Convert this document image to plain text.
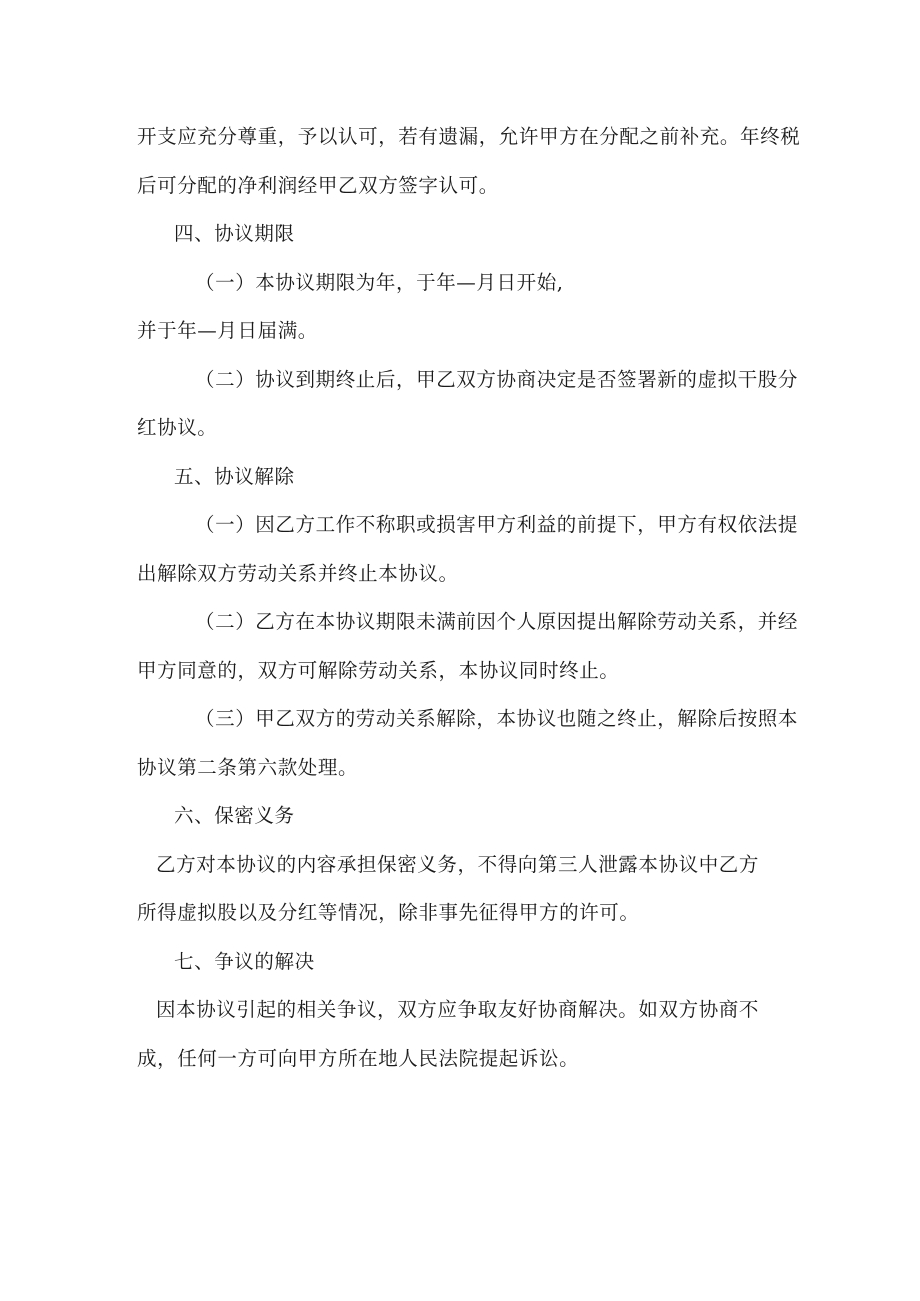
开支应充分尊重，予以认可，若有遗漏，允许甲方在分配之前补充。年终税
后可分配的净利润经甲乙双方签字认可。
四、协议期限
（一）本协议期限为年，于年—月日开始,
并于年—月日届满。
（二）协议到期终止后，甲乙双方协商决定是否签署新的虚拟干股分
红协议。
五、协议解除
（一）因乙方工作不称职或损害甲方利益的前提下，甲方有权依法提
出解除双方劳动关系并终止本协议。
（二）乙方在本协议期限未满前因个人原因提出解除劳动关系，并经
甲方同意的，双方可解除劳动关系，本协议同时终止。
（三）甲乙双方的劳动关系解除，本协议也随之终止，解除后按照本
协议第二条第六款处理。
六、保密义务
乙方对本协议的内容承担保密义务，不得向第三人泄露本协议中乙方
所得虚拟股以及分红等情况，除非事先征得甲方的许可。
七、争议的解决
因本协议引起的相关争议，双方应争取友好协商解决。如双方协商不
成，任何一方可向甲方所在地人民法院提起诉讼。
